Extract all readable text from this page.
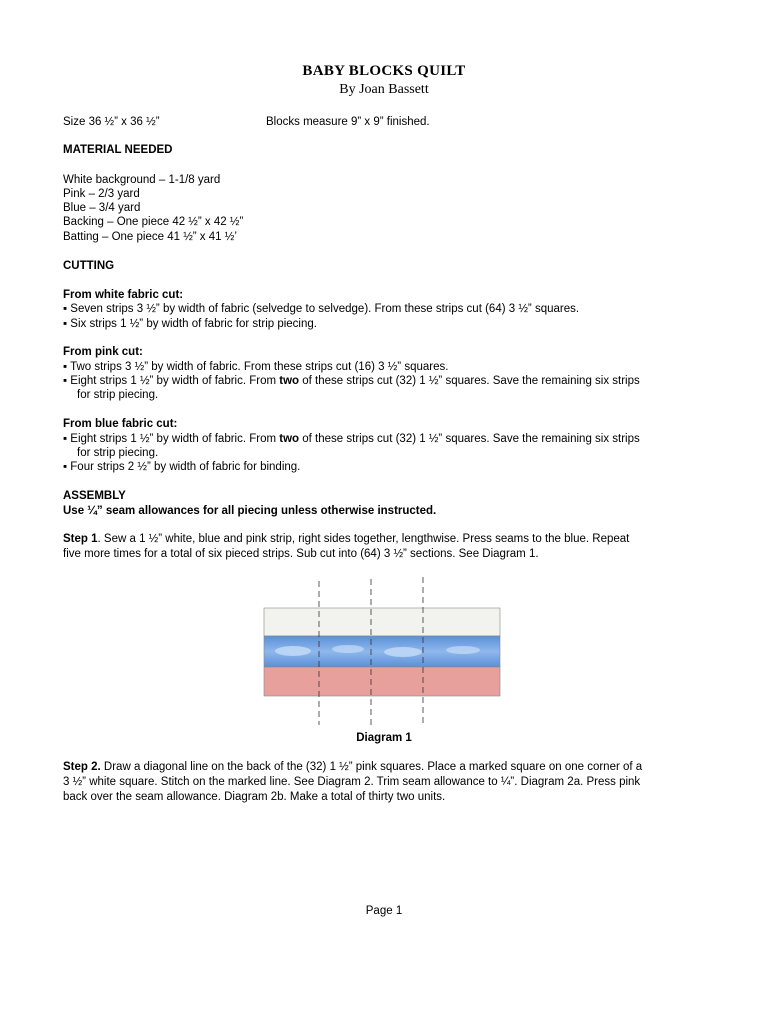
BABY BLOCKS QUILT
By Joan Bassett
Size 36 ½” x 36 ½”	Blocks measure 9” x 9” finished.
MATERIAL NEEDED
White background – 1-1/8 yard
Pink – 2/3 yard
Blue – 3/4 yard
Backing – One piece 42 ½” x 42 ½”
Batting – One piece 41 ½” x 41 ½’
CUTTING
From white fabric cut:
▪ Seven strips 3 ½” by width of fabric (selvedge to selvedge). From these strips cut (64) 3 ½” squares.
▪ Six strips 1 ½” by width of fabric for strip piecing.
From pink cut:
▪ Two strips 3 ½” by width of fabric. From these strips cut (16) 3 ½” squares.
▪ Eight strips 1 ½” by width of fabric. From two of these strips cut (32) 1 ½” squares. Save the remaining six strips
for strip piecing.
From blue fabric cut:
▪ Eight strips 1 ½” by width of fabric. From two of these strips cut (32) 1 ½” squares. Save the remaining six strips
for strip piecing.
▪ Four strips 2 ½” by width of fabric for binding.
ASSEMBLY
Use ¼” seam allowances for all piecing unless otherwise instructed.
Step 1. Sew a 1 ½” white, blue and pink strip, right sides together, lengthwise. Press seams to the blue. Repeat
five more times for a total of six pieced strips. Sub cut into (64) 3 ½” sections. See Diagram 1.
Diagram 1
Step 2. Draw a diagonal line on the back of the (32) 1 ½” pink squares. Place a marked square on one corner of a
3 ½” white square. Stitch on the marked line. See Diagram 2. Trim seam allowance to ¼”. Diagram 2a. Press pink
back over the seam allowance. Diagram 2b. Make a total of thirty two units.
Page 1
